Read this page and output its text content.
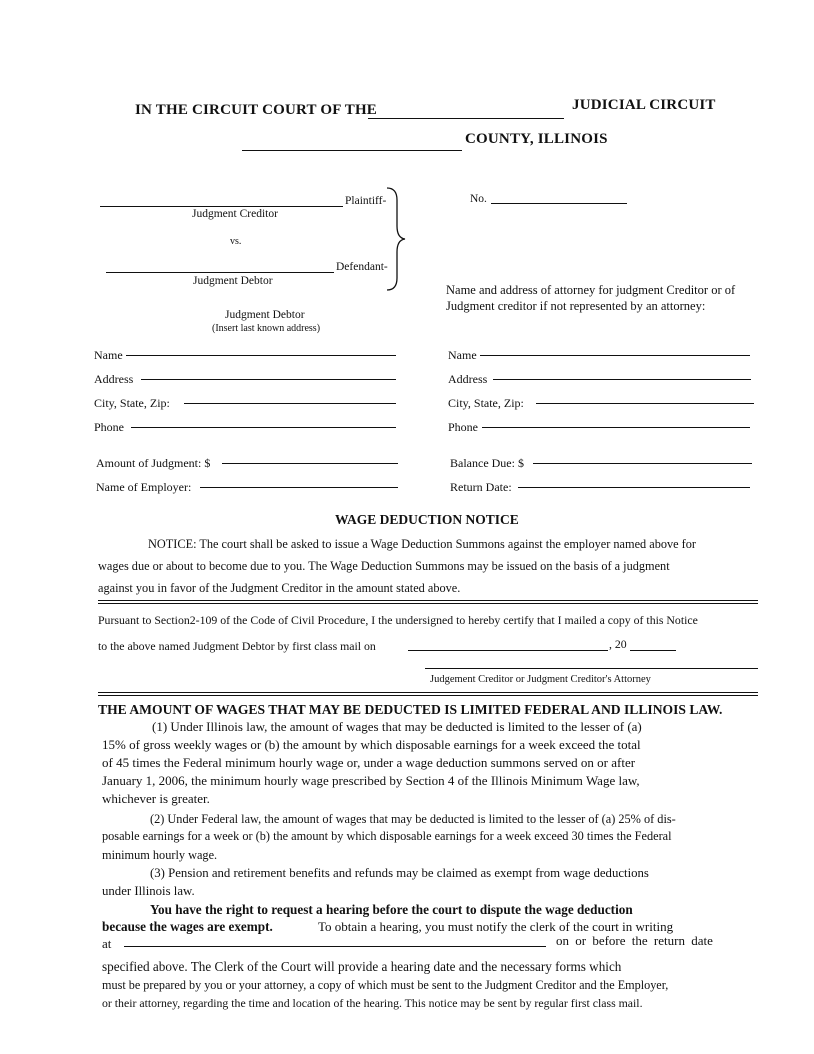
IN THE CIRCUIT COURT OF THE	JUDICIAL CIRCUIT
COUNTY, ILLINOIS
Plaintiff-
Judgment Creditor
vs.
Defendant-
Judgment Debtor
No.
Name and address of attorney for judgment Creditor or of Judgment creditor if not represented by an attorney:
Judgment Debtor
(Insert last known address)
Name
Address
City, State, Zip:
Phone
Amount of Judgment: $
Name of Employer:
Name
Address
City, State, Zip:
Phone
Balance Due: $
Return Date:
WAGE DEDUCTION NOTICE
NOTICE: The court shall be asked to issue a Wage Deduction Summons against the employer named above for
wages due or about to become due to you. The Wage Deduction Summons may be issued on the basis of a judgment
against you in favor of the Judgment Creditor in the amount stated above.
Pursuant to Section2-109 of the Code of Civil Procedure, I the undersigned to hereby certify that I mailed a copy of this Notice
to the above named Judgment Debtor by first class mail on	, 20
Judgement Creditor or Judgment Creditor's Attorney
THE AMOUNT OF WAGES THAT MAY BE DEDUCTED IS LIMITED FEDERAL AND ILLINOIS LAW.
(1) Under Illinois law, the amount of wages that may be deducted is limited to the lesser of (a)
15% of gross weekly wages or (b) the amount by which disposable earnings for a week exceed the total
of 45 times the Federal minimum hourly wage or, under a wage deduction summons served on or after
January 1, 2006, the minimum hourly wage prescribed by Section 4 of the Illinois Minimum Wage law,
whichever is greater.
(2) Under Federal law, the amount of wages that may be deducted is limited to the lesser of (a) 25% of dis-
posable earnings for a week or (b) the amount by which disposable earnings for a week exceed 30 times the Federal
minimum hourly wage.
(3) Pension and retirement benefits and refunds may be claimed as exempt from wage deductions
under Illinois law.
You have the right to request a hearing before the court to dispute the wage deduction
because the wages are exempt.	To obtain a hearing, you must notify the clerk of the court in writing
at	on or before the return date
specified above. The Clerk of the Court will provide a hearing date and the necessary forms which
must be prepared by you or your attorney, a copy of which must be sent to the Judgment Creditor and the Employer,
or their attorney, regarding the time and location of the hearing. This notice may be sent by regular first class mail.
